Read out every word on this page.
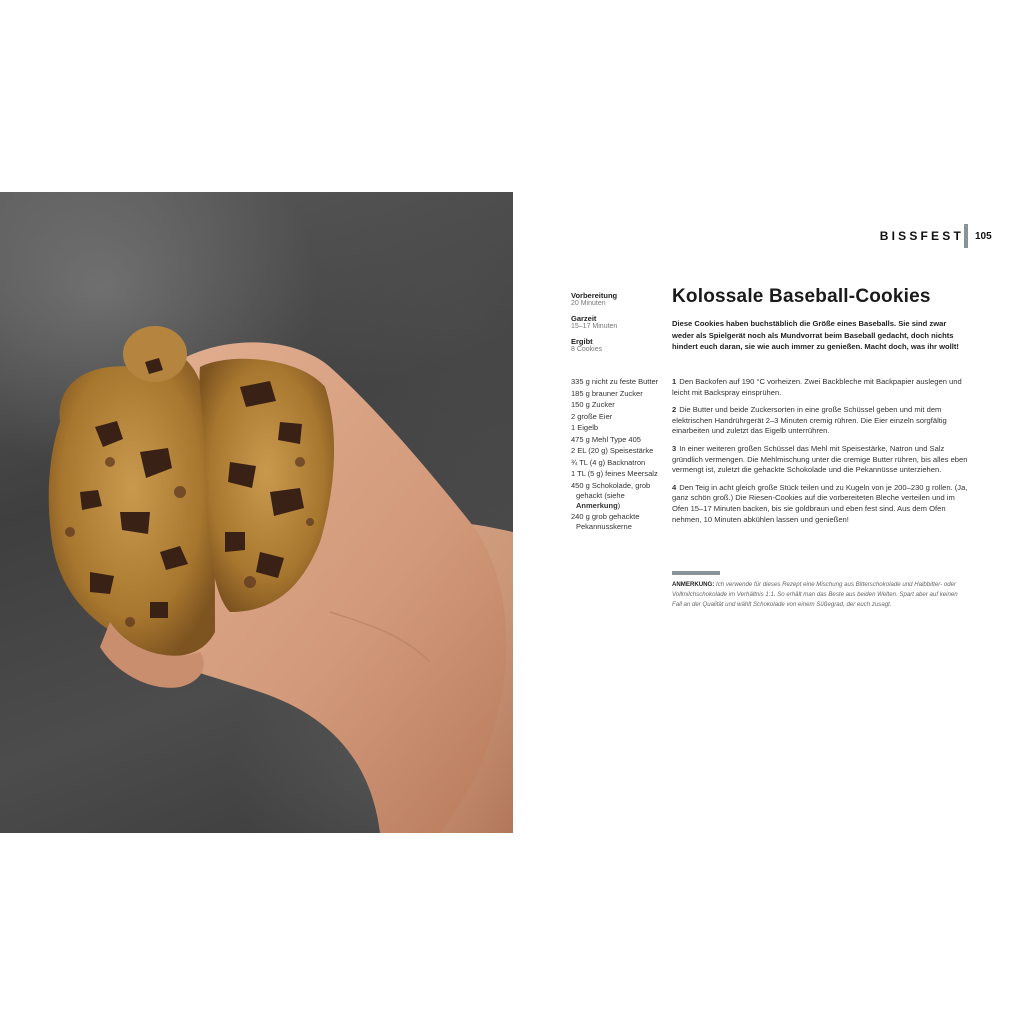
BISSFEST 105
Vorbereitung
20 Minuten
Garzeit
15–17 Minuten
Ergibt
8 Cookies
335 g nicht zu feste Butter
185 g brauner Zucker
150 g Zucker
2 große Eier
1 Eigelb
475 g Mehl Type 405
2 EL (20 g) Speisestärke
¾ TL (4 g) Backnatron
1 TL (5 g) feines Meersalz
450 g Schokolade, grob gehackt (siehe Anmerkung)
240 g grob gehackte Pekannusskerne
Kolossale Baseball-Cookies

Diese Cookies haben buchstäblich die Größe eines Baseballs. Sie sind zwar weder als Spielgerät noch als Mundvorrat beim Baseball gedacht, doch nichts hindert euch daran, sie wie auch immer zu genießen. Macht doch, was ihr wollt!

1 Den Backofen auf 190 °C vorheizen. Zwei Backbleche mit Backpapier auslegen und leicht mit Backspray einsprühen.

2 Die Butter und beide Zuckersorten in eine große Schüssel geben und mit dem elektrischen Handrührgerät 2–3 Minuten cremig rühren. Die Eier einzeln sorgfältig einarbeiten und zuletzt das Eigelb unterrühren.

3 In einer weiteren großen Schüssel das Mehl mit Speisestärke, Natron und Salz gründlich vermengen. Die Mehlmischung unter die cremige Butter rühren, bis alles eben vermengt ist, zuletzt die gehackte Schokolade und die Pekannüsse unterziehen.

4 Den Teig in acht gleich große Stück teilen und zu Kugeln von je 200–230 g rollen. (Ja, ganz schön groß.) Die Riesen-Cookies auf die vorbereiteten Bleche verteilen und im Ofen 15–17 Minuten backen, bis sie goldbraun und eben fest sind. Aus dem Ofen nehmen, 10 Minuten abkühlen lassen und genießen!

ANMERKUNG: Ich verwende für dieses Rezept eine Mischung aus Bitterschokolade und Halbbitter- oder Vollmilchschokolade im Verhältnis 1:1. So erhält man das Beste aus beiden Welten. Spart aber auf keinen Fall an der Qualität und wählt Schokolade von einem Süßegrad, der euch zusagt.
